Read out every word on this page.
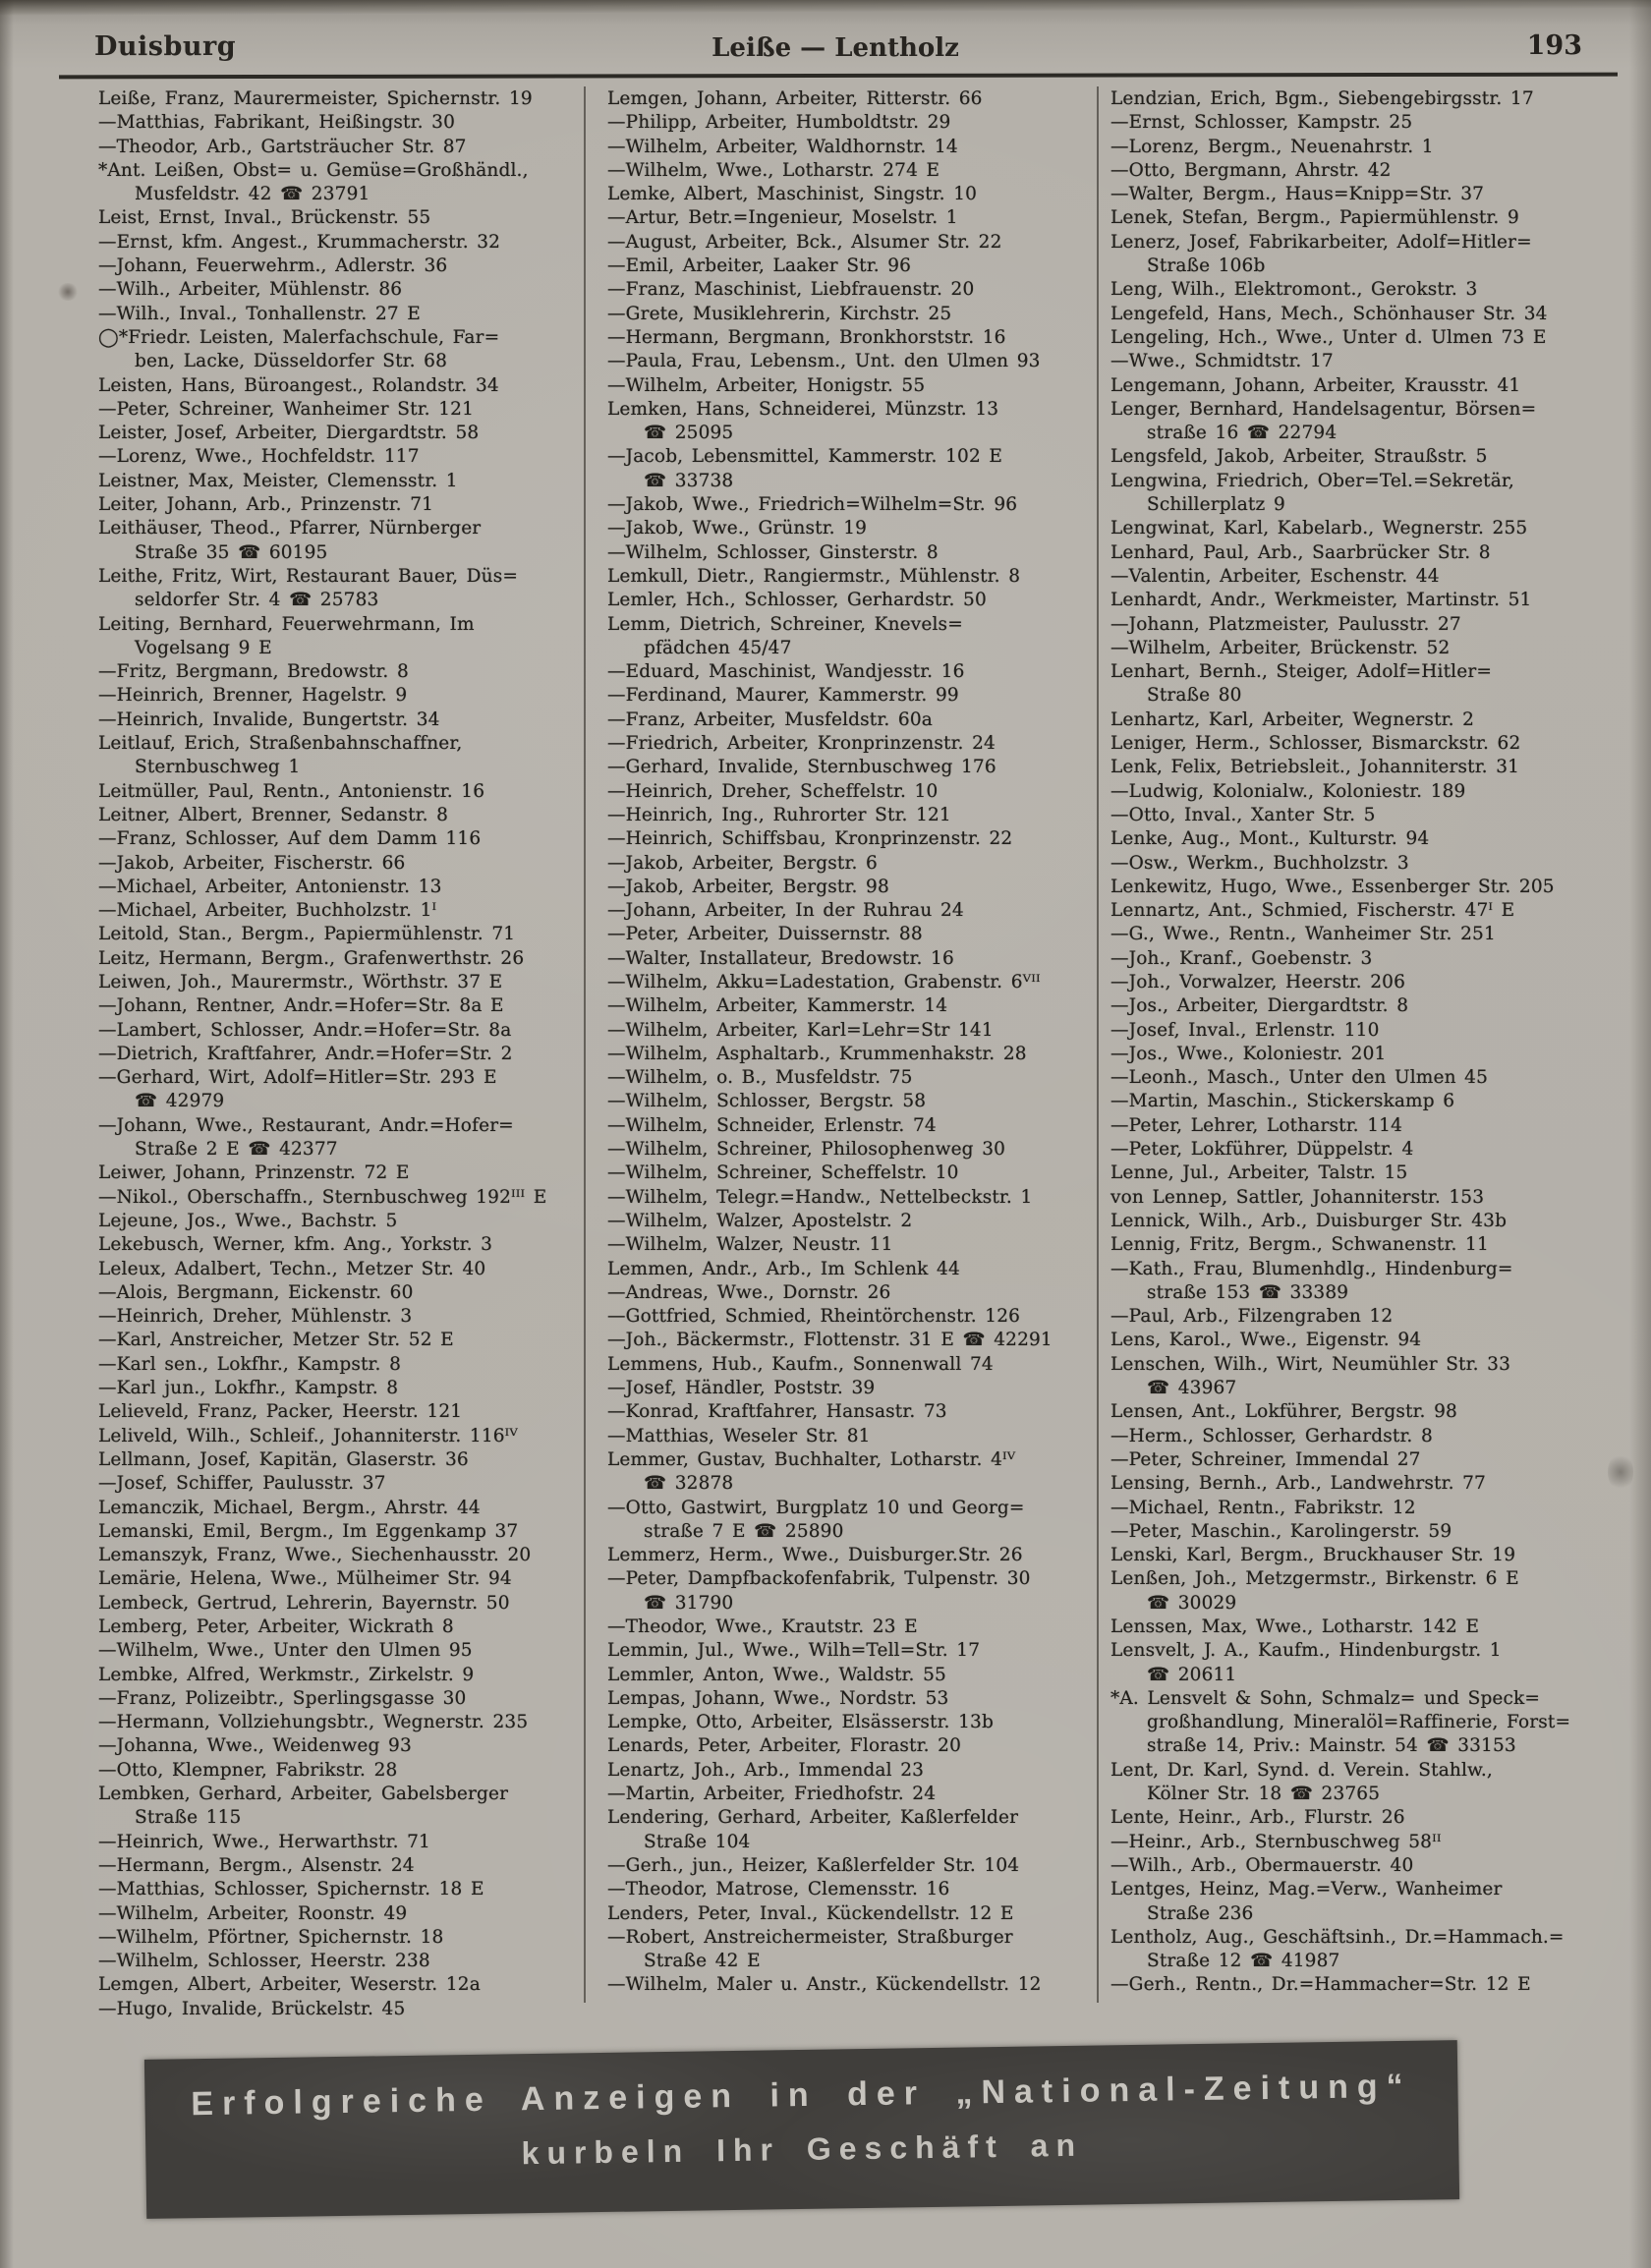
Duisburg	Leiße — Lentholz	193
Leiße, Franz, Maurermeister, Spichernstr. 19
—Matthias, Fabrikant, Heißingstr. 30
—Theodor, Arb., Gartsträucher Str. 87
*Ant. Leißen, Obst= u. Gemüse=Großhändl.,
Musfeldstr. 42 ☎ 23791
Leist, Ernst, Inval., Brückenstr. 55
—Ernst, kfm. Angest., Krummacherstr. 32
—Johann, Feuerwehrm., Adlerstr. 36
—Wilh., Arbeiter, Mühlenstr. 86
—Wilh., Inval., Tonhallenstr. 27 E
◯*Friedr. Leisten, Malerfachschule, Far=
ben, Lacke, Düsseldorfer Str. 68
Leisten, Hans, Büroangest., Rolandstr. 34
—Peter, Schreiner, Wanheimer Str. 121
Leister, Josef, Arbeiter, Diergardtstr. 58
—Lorenz, Wwe., Hochfeldstr. 117
Leistner, Max, Meister, Clemensstr. 1
Leiter, Johann, Arb., Prinzenstr. 71
Leithäuser, Theod., Pfarrer, Nürnberger
Straße 35 ☎ 60195
Leithe, Fritz, Wirt, Restaurant Bauer, Düs=
seldorfer Str. 4 ☎ 25783
Leiting, Bernhard, Feuerwehrmann, Im
Vogelsang 9 E
—Fritz, Bergmann, Bredowstr. 8
—Heinrich, Brenner, Hagelstr. 9
—Heinrich, Invalide, Bungertstr. 34
Leitlauf, Erich, Straßenbahnschaffner,
Sternbuschweg 1
Leitmüller, Paul, Rentn., Antonienstr. 16
Leitner, Albert, Brenner, Sedanstr. 8
—Franz, Schlosser, Auf dem Damm 116
—Jakob, Arbeiter, Fischerstr. 66
—Michael, Arbeiter, Antonienstr. 13
—Michael, Arbeiter, Buchholzstr. 1ᴵ
Leitold, Stan., Bergm., Papiermühlenstr. 71
Leitz, Hermann, Bergm., Grafenwerthstr. 26
Leiwen, Joh., Maurermstr., Wörthstr. 37 E
—Johann, Rentner, Andr.=Hofer=Str. 8a E
—Lambert, Schlosser, Andr.=Hofer=Str. 8a
—Dietrich, Kraftfahrer, Andr.=Hofer=Str. 2
—Gerhard, Wirt, Adolf=Hitler=Str. 293 E
☎ 42979
—Johann, Wwe., Restaurant, Andr.=Hofer=
Straße 2 E ☎ 42377
Leiwer, Johann, Prinzenstr. 72 E
—Nikol., Oberschaffn., Sternbuschweg 192ᴵᴵᴵ E
Lejeune, Jos., Wwe., Bachstr. 5
Lekebusch, Werner, kfm. Ang., Yorkstr. 3
Leleux, Adalbert, Techn., Metzer Str. 40
—Alois, Bergmann, Eickenstr. 60
—Heinrich, Dreher, Mühlenstr. 3
—Karl, Anstreicher, Metzer Str. 52 E
—Karl sen., Lokfhr., Kampstr. 8
—Karl jun., Lokfhr., Kampstr. 8
Lelieveld, Franz, Packer, Heerstr. 121
Leliveld, Wilh., Schleif., Johanniterstr. 116ᴵⱽ
Lellmann, Josef, Kapitän, Glaserstr. 36
—Josef, Schiffer, Paulusstr. 37
Lemanczik, Michael, Bergm., Ahrstr. 44
Lemanski, Emil, Bergm., Im Eggenkamp 37
Lemanszyk, Franz, Wwe., Siechenhausstr. 20
Lemärie, Helena, Wwe., Mülheimer Str. 94
Lembeck, Gertrud, Lehrerin, Bayernstr. 50
Lemberg, Peter, Arbeiter, Wickrath 8
—Wilhelm, Wwe., Unter den Ulmen 95
Lembke, Alfred, Werkmstr., Zirkelstr. 9
—Franz, Polizeibtr., Sperlingsgasse 30
—Hermann, Vollziehungsbtr., Wegnerstr. 235
—Johanna, Wwe., Weidenweg 93
—Otto, Klempner, Fabrikstr. 28
Lembken, Gerhard, Arbeiter, Gabelsberger
Straße 115
—Heinrich, Wwe., Herwarthstr. 71
—Hermann, Bergm., Alsenstr. 24
—Matthias, Schlosser, Spichernstr. 18 E
—Wilhelm, Arbeiter, Roonstr. 49
—Wilhelm, Pförtner, Spichernstr. 18
—Wilhelm, Schlosser, Heerstr. 238
Lemgen, Albert, Arbeiter, Weserstr. 12a
—Hugo, Invalide, Brückelstr. 45
Lemgen, Johann, Arbeiter, Ritterstr. 66
—Philipp, Arbeiter, Humboldtstr. 29
—Wilhelm, Arbeiter, Waldhornstr. 14
—Wilhelm, Wwe., Lotharstr. 274 E
Lemke, Albert, Maschinist, Singstr. 10
—Artur, Betr.=Ingenieur, Moselstr. 1
—August, Arbeiter, Bck., Alsumer Str. 22
—Emil, Arbeiter, Laaker Str. 96
—Franz, Maschinist, Liebfrauenstr. 20
—Grete, Musiklehrerin, Kirchstr. 25
—Hermann, Bergmann, Bronkhorststr. 16
—Paula, Frau, Lebensm., Unt. den Ulmen 93
—Wilhelm, Arbeiter, Honigstr. 55
Lemken, Hans, Schneiderei, Münzstr. 13
☎ 25095
—Jacob, Lebensmittel, Kammerstr. 102 E
☎ 33738
—Jakob, Wwe., Friedrich=Wilhelm=Str. 96
—Jakob, Wwe., Grünstr. 19
—Wilhelm, Schlosser, Ginsterstr. 8
Lemkull, Dietr., Rangiermstr., Mühlenstr. 8
Lemler, Hch., Schlosser, Gerhardstr. 50
Lemm, Dietrich, Schreiner, Knevels=
pfädchen 45/47
—Eduard, Maschinist, Wandjesstr. 16
—Ferdinand, Maurer, Kammerstr. 99
—Franz, Arbeiter, Musfeldstr. 60a
—Friedrich, Arbeiter, Kronprinzenstr. 24
—Gerhard, Invalide, Sternbuschweg 176
—Heinrich, Dreher, Scheffelstr. 10
—Heinrich, Ing., Ruhrorter Str. 121
—Heinrich, Schiffsbau, Kronprinzenstr. 22
—Jakob, Arbeiter, Bergstr. 6
—Jakob, Arbeiter, Bergstr. 98
—Johann, Arbeiter, In der Ruhrau 24
—Peter, Arbeiter, Duissernstr. 88
—Walter, Installateur, Bredowstr. 16
—Wilhelm, Akku=Ladestation, Grabenstr. 6ⱽᴵᴵ
—Wilhelm, Arbeiter, Kammerstr. 14
—Wilhelm, Arbeiter, Karl=Lehr=Str 141
—Wilhelm, Asphaltarb., Krummenhakstr. 28
—Wilhelm, o. B., Musfeldstr. 75
—Wilhelm, Schlosser, Bergstr. 58
—Wilhelm, Schneider, Erlenstr. 74
—Wilhelm, Schreiner, Philosophenweg 30
—Wilhelm, Schreiner, Scheffelstr. 10
—Wilhelm, Telegr.=Handw., Nettelbeckstr. 1
—Wilhelm, Walzer, Apostelstr. 2
—Wilhelm, Walzer, Neustr. 11
Lemmen, Andr., Arb., Im Schlenk 44
—Andreas, Wwe., Dornstr. 26
—Gottfried, Schmied, Rheintörchenstr. 126
—Joh., Bäckermstr., Flottenstr. 31 E ☎ 42291
Lemmens, Hub., Kaufm., Sonnenwall 74
—Josef, Händler, Poststr. 39
—Konrad, Kraftfahrer, Hansastr. 73
—Matthias, Weseler Str. 81
Lemmer, Gustav, Buchhalter, Lotharstr. 4ᴵⱽ
☎ 32878
—Otto, Gastwirt, Burgplatz 10 und Georg=
straße 7 E ☎ 25890
Lemmerz, Herm., Wwe., Duisburger.Str. 26
—Peter, Dampfbackofenfabrik, Tulpenstr. 30
☎ 31790
—Theodor, Wwe., Krautstr. 23 E
Lemmin, Jul., Wwe., Wilh=Tell=Str. 17
Lemmler, Anton, Wwe., Waldstr. 55
Lempas, Johann, Wwe., Nordstr. 53
Lempke, Otto, Arbeiter, Elsässerstr. 13b
Lenards, Peter, Arbeiter, Florastr. 20
Lenartz, Joh., Arb., Immendal 23
—Martin, Arbeiter, Friedhofstr. 24
Lendering, Gerhard, Arbeiter, Kaßlerfelder
Straße 104
—Gerh., jun., Heizer, Kaßlerfelder Str. 104
—Theodor, Matrose, Clemensstr. 16
Lenders, Peter, Inval., Kückendellstr. 12 E
—Robert, Anstreichermeister, Straßburger
Straße 42 E
—Wilhelm, Maler u. Anstr., Kückendellstr. 12
Lendzian, Erich, Bgm., Siebengebirgsstr. 17
—Ernst, Schlosser, Kampstr. 25
—Lorenz, Bergm., Neuenahrstr. 1
—Otto, Bergmann, Ahrstr. 42
—Walter, Bergm., Haus=Knipp=Str. 37
Lenek, Stefan, Bergm., Papiermühlenstr. 9
Lenerz, Josef, Fabrikarbeiter, Adolf=Hitler=
Straße 106b
Leng, Wilh., Elektromont., Gerokstr. 3
Lengefeld, Hans, Mech., Schönhauser Str. 34
Lengeling, Hch., Wwe., Unter d. Ulmen 73 E
—Wwe., Schmidtstr. 17
Lengemann, Johann, Arbeiter, Krausstr. 41
Lenger, Bernhard, Handelsagentur, Börsen=
straße 16 ☎ 22794
Lengsfeld, Jakob, Arbeiter, Straußstr. 5
Lengwina, Friedrich, Ober=Tel.=Sekretär,
Schillerplatz 9
Lengwinat, Karl, Kabelarb., Wegnerstr. 255
Lenhard, Paul, Arb., Saarbrücker Str. 8
—Valentin, Arbeiter, Eschenstr. 44
Lenhardt, Andr., Werkmeister, Martinstr. 51
—Johann, Platzmeister, Paulusstr. 27
—Wilhelm, Arbeiter, Brückenstr. 52
Lenhart, Bernh., Steiger, Adolf=Hitler=
Straße 80
Lenhartz, Karl, Arbeiter, Wegnerstr. 2
Leniger, Herm., Schlosser, Bismarckstr. 62
Lenk, Felix, Betriebsleit., Johanniterstr. 31
—Ludwig, Kolonialw., Koloniestr. 189
—Otto, Inval., Xanter Str. 5
Lenke, Aug., Mont., Kulturstr. 94
—Osw., Werkm., Buchholzstr. 3
Lenkewitz, Hugo, Wwe., Essenberger Str. 205
Lennartz, Ant., Schmied, Fischerstr. 47ᴵ E
—G., Wwe., Rentn., Wanheimer Str. 251
—Joh., Kranf., Goebenstr. 3
—Joh., Vorwalzer, Heerstr. 206
—Jos., Arbeiter, Diergardtstr. 8
—Josef, Inval., Erlenstr. 110
—Jos., Wwe., Koloniestr. 201
—Leonh., Masch., Unter den Ulmen 45
—Martin, Maschin., Stickerskamp 6
—Peter, Lehrer, Lotharstr. 114
—Peter, Lokführer, Düppelstr. 4
Lenne, Jul., Arbeiter, Talstr. 15
von Lennep, Sattler, Johanniterstr. 153
Lennick, Wilh., Arb., Duisburger Str. 43b
Lennig, Fritz, Bergm., Schwanenstr. 11
—Kath., Frau, Blumenhdlg., Hindenburg=
straße 153 ☎ 33389
—Paul, Arb., Filzengraben 12
Lens, Karol., Wwe., Eigenstr. 94
Lenschen, Wilh., Wirt, Neumühler Str. 33
☎ 43967
Lensen, Ant., Lokführer, Bergstr. 98
—Herm., Schlosser, Gerhardstr. 8
—Peter, Schreiner, Immendal 27
Lensing, Bernh., Arb., Landwehrstr. 77
—Michael, Rentn., Fabrikstr. 12
—Peter, Maschin., Karolingerstr. 59
Lenski, Karl, Bergm., Bruckhauser Str. 19
Lenßen, Joh., Metzgermstr., Birkenstr. 6 E
☎ 30029
Lenssen, Max, Wwe., Lotharstr. 142 E
Lensvelt, J. A., Kaufm., Hindenburgstr. 1
☎ 20611
*A. Lensvelt & Sohn, Schmalz= und Speck=
großhandlung, Mineralöl=Raffinerie, Forst=
straße 14, Priv.: Mainstr. 54 ☎ 33153
Lent, Dr. Karl, Synd. d. Verein. Stahlw.,
Kölner Str. 18 ☎ 23765
Lente, Heinr., Arb., Flurstr. 26
—Heinr., Arb., Sternbuschweg 58ᴵᴵ
—Wilh., Arb., Obermauerstr. 40
Lentges, Heinz, Mag.=Verw., Wanheimer
Straße 236
Lentholz, Aug., Geschäftsinh., Dr.=Hammach.=
Straße 12 ☎ 41987
—Gerh., Rentn., Dr.=Hammacher=Str. 12 E
Erfolgreiche Anzeigen in der „National-Zeitung“
kurbeln Ihr Geschäft an
